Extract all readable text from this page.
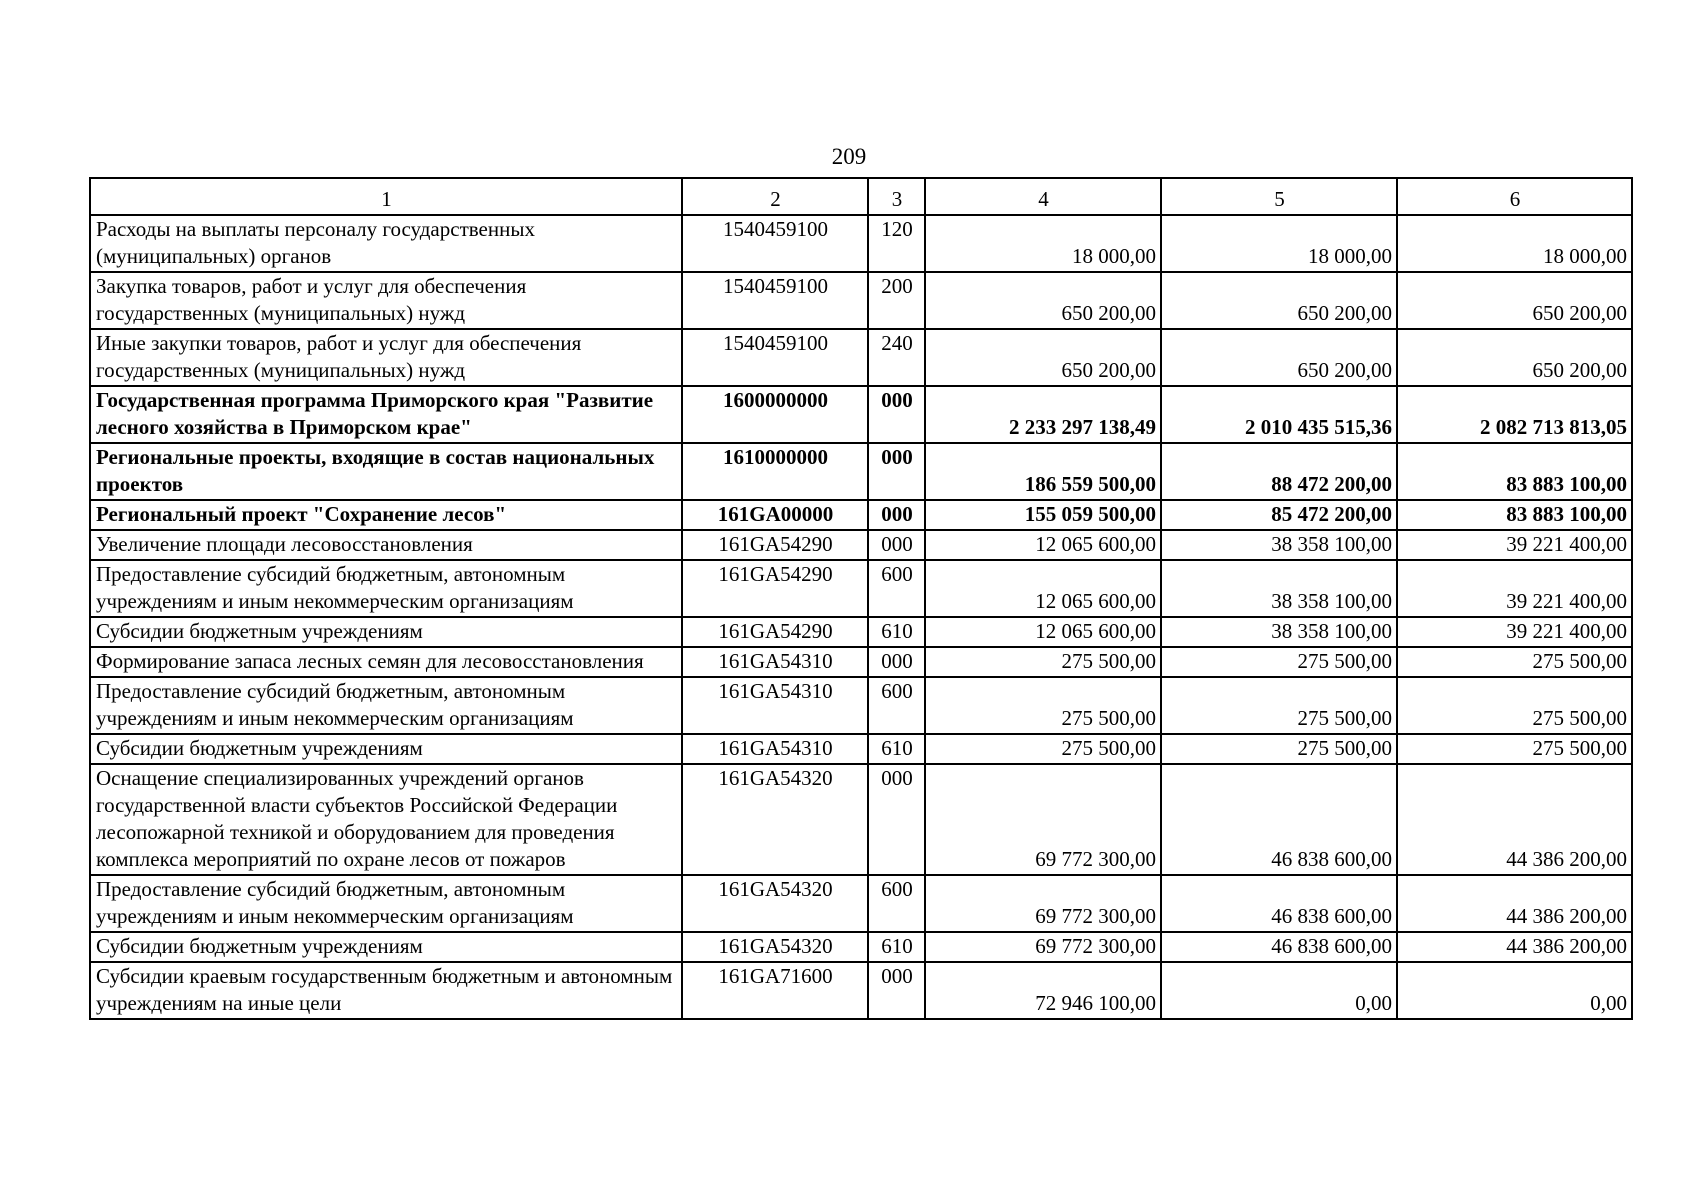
209
1	2	3	4	5	6
Расходы на выплаты персоналу государственных (муниципальных) органов	1540459100	120	18 000,00	18 000,00	18 000,00
Закупка товаров, работ и услуг для обеспечения государственных (муниципальных) нужд	1540459100	200	650 200,00	650 200,00	650 200,00
Иные закупки товаров, работ и услуг для обеспечения государственных (муниципальных) нужд	1540459100	240	650 200,00	650 200,00	650 200,00
Государственная программа Приморского края "Развитие лесного хозяйства в Приморском крае"	1600000000	000	2 233 297 138,49	2 010 435 515,36	2 082 713 813,05
Региональные проекты, входящие в состав национальных проектов	1610000000	000	186 559 500,00	88 472 200,00	83 883 100,00
Региональный проект "Сохранение лесов"	161GA00000	000	155 059 500,00	85 472 200,00	83 883 100,00
Увеличение площади лесовосстановления	161GA54290	000	12 065 600,00	38 358 100,00	39 221 400,00
Предоставление субсидий бюджетным, автономным учреждениям и иным некоммерческим организациям	161GA54290	600	12 065 600,00	38 358 100,00	39 221 400,00
Субсидии бюджетным учреждениям	161GA54290	610	12 065 600,00	38 358 100,00	39 221 400,00
Формирование запаса лесных семян для лесовосстановления	161GA54310	000	275 500,00	275 500,00	275 500,00
Предоставление субсидий бюджетным, автономным учреждениям и иным некоммерческим организациям	161GA54310	600	275 500,00	275 500,00	275 500,00
Субсидии бюджетным учреждениям	161GA54310	610	275 500,00	275 500,00	275 500,00
Оснащение специализированных учреждений органов государственной власти субъектов Российской Федерации лесопожарной техникой и оборудованием для проведения комплекса мероприятий по охране лесов от пожаров	161GA54320	000	69 772 300,00	46 838 600,00	44 386 200,00
Предоставление субсидий бюджетным, автономным учреждениям и иным некоммерческим организациям	161GA54320	600	69 772 300,00	46 838 600,00	44 386 200,00
Субсидии бюджетным учреждениям	161GA54320	610	69 772 300,00	46 838 600,00	44 386 200,00
Субсидии краевым государственным бюджетным и автономным учреждениям на иные цели	161GA71600	000	72 946 100,00	0,00	0,00
